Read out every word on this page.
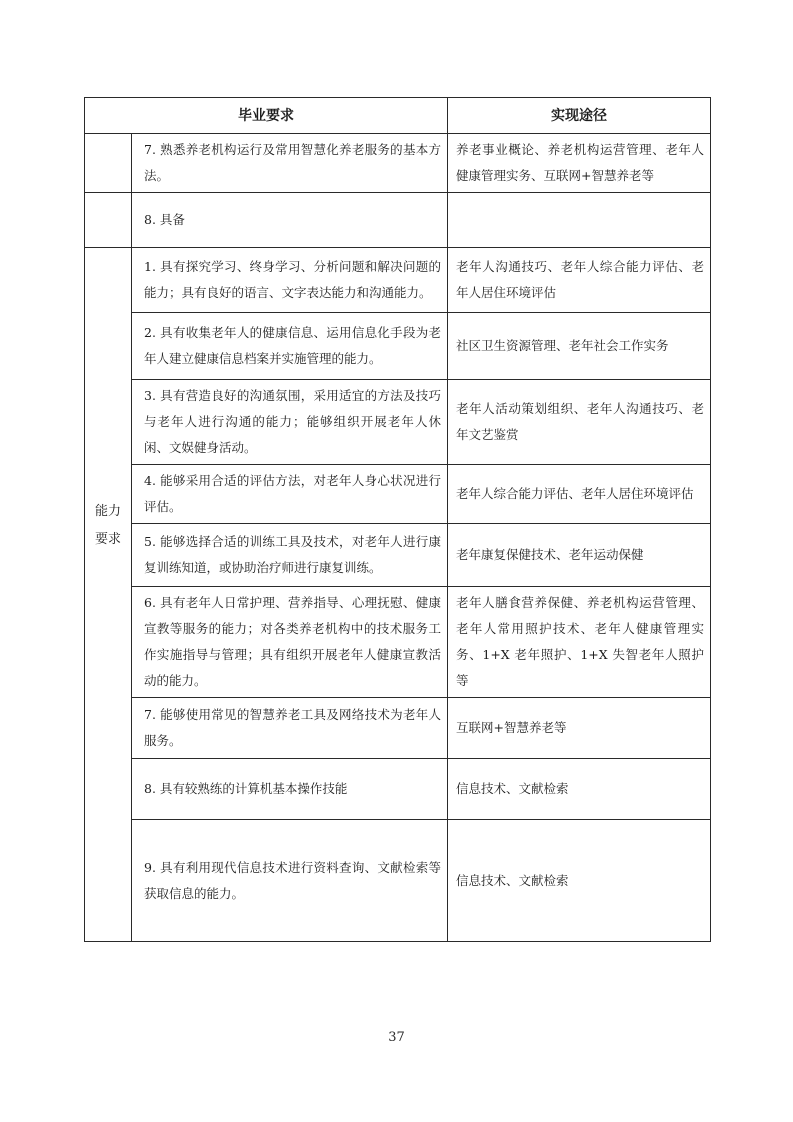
毕业要求		实现途径
	7. 熟悉养老机构运行及常用智慧化养老服务的基本方法。	养老事业概论、养老机构运营管理、老年人健康管理实务、互联网+智慧养老等
	8. 具备	

能力要求	1. 具有探究学习、终身学习、分析问题和解决问题的能力；具有良好的语言、文字表达能力和沟通能力。	老年人沟通技巧、老年人综合能力评估、老年人居住环境评估
	2. 具有收集老年人的健康信息、运用信息化手段为老年人建立健康信息档案并实施管理的能力。	社区卫生资源管理、老年社会工作实务
	3. 具有营造良好的沟通氛围，采用适宜的方法及技巧与老年人进行沟通的能力；能够组织开展老年人休闲、文娱健身活动。	老年人活动策划组织、老年人沟通技巧、老年文艺鉴赏
	4. 能够采用合适的评估方法，对老年人身心状况进行评估。	老年人综合能力评估、老年人居住环境评估
	5. 能够选择合适的训练工具及技术，对老年人进行康复训练知道，或协助治疗师进行康复训练。	老年康复保健技术、老年运动保健
	6. 具有老年人日常护理、营养指导、心理抚慰、健康宣教等服务的能力；对各类养老机构中的技术服务工作实施指导与管理；具有组织开展老年人健康宣教活动的能力。	老年人膳食营养保健、养老机构运营管理、老年人常用照护技术、老年人健康管理实务、1+X 老年照护、1+X 失智老年人照护等
	7. 能够使用常见的智慧养老工具及网络技术为老年人服务。	互联网+智慧养老等
	8. 具有较熟练的计算机基本操作技能	信息技术、文献检索
	9. 具有利用现代信息技术进行资料查询、文献检索等获取信息的能力。	信息技术、文献检索
37
